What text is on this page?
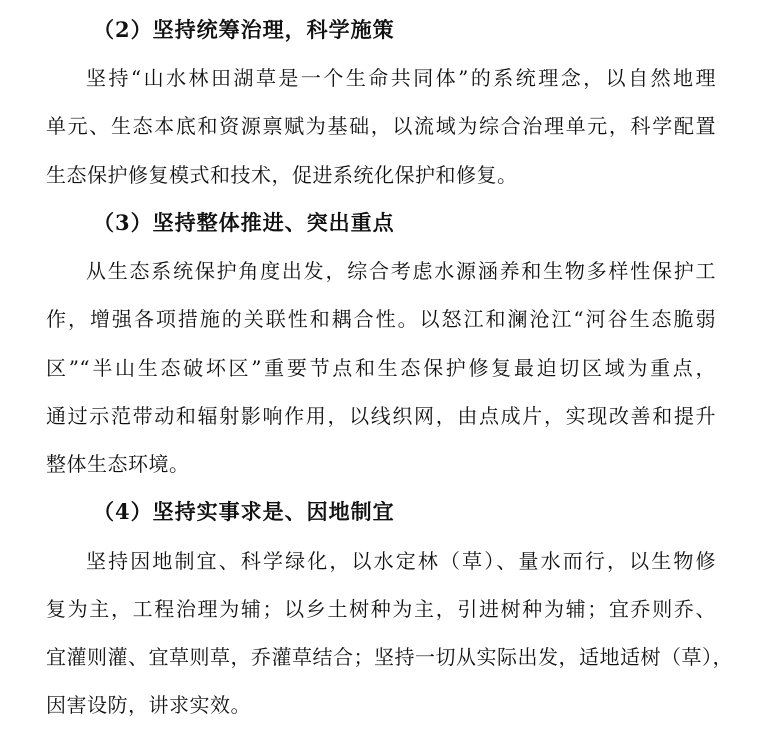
（2）坚持统筹治理，科学施策
坚持“山水林田湖草是一个生命共同体”的系统理念，以自然地理
单元、生态本底和资源禀赋为基础，以流域为综合治理单元，科学配置
生态保护修复模式和技术，促进系统化保护和修复。
（3）坚持整体推进、突出重点
从生态系统保护角度出发，综合考虑水源涵养和生物多样性保护工
作，增强各项措施的关联性和耦合性。以怒江和澜沧江“河谷生态脆弱
区”“半山生态破坏区”重要节点和生态保护修复最迫切区域为重点，
通过示范带动和辐射影响作用，以线织网，由点成片，实现改善和提升
整体生态环境。
（4）坚持实事求是、因地制宜
坚持因地制宜、科学绿化，以水定林（草）、量水而行，以生物修
复为主，工程治理为辅；以乡土树种为主，引进树种为辅；宜乔则乔、
宜灌则灌、宜草则草，乔灌草结合；坚持一切从实际出发，适地适树（草），
因害设防，讲求实效。
